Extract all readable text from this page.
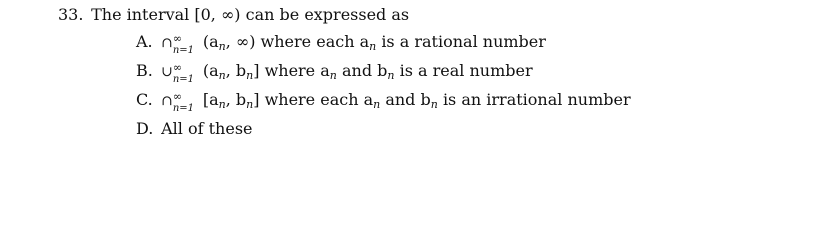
33. The interval [0, ∞) can be expressed as
A. ∩ ∞
n=1 ($a_n$, ∞) where each $a_n$ is a rational number
B. ∪ ∞
n=1 ($a_n$, $b_n$] where $a_n$ and $b_n$ is a real number
C. ∩ ∞
n=1 [$a_n$, $b_n$] where each $a_n$ and $b_n$ is an irrational number
D. All of these
